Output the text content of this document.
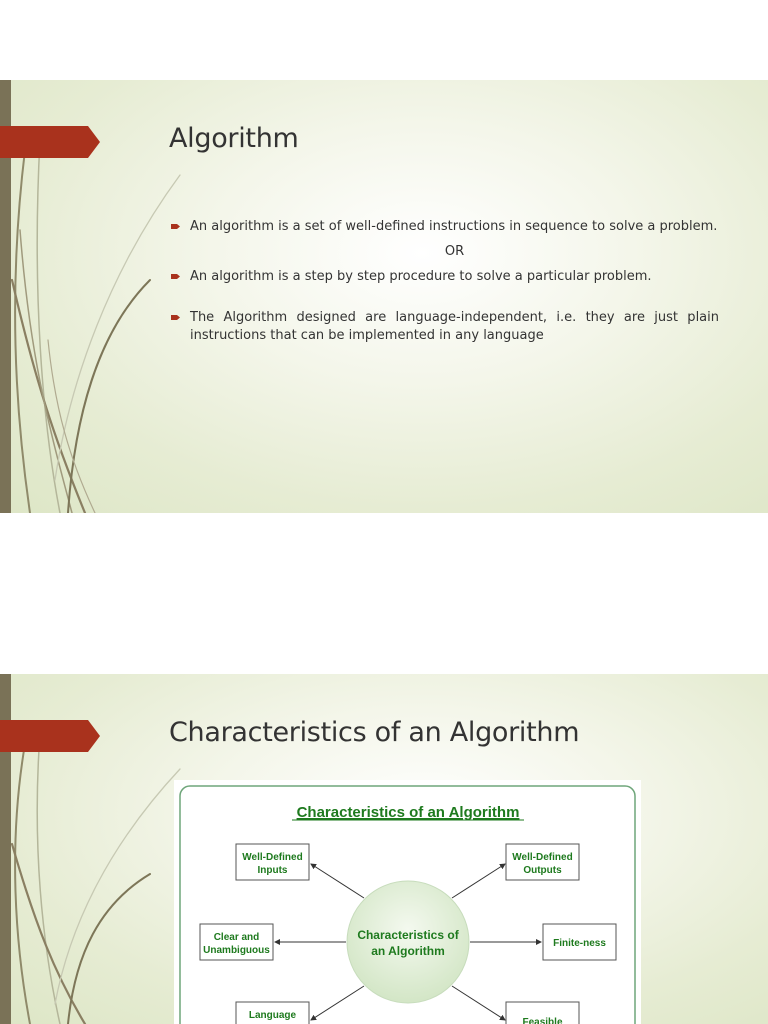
Algorithm
An algorithm is a set of well-defined instructions in sequence to solve a problem.
OR
An algorithm is a step by step procedure to solve a particular problem.
The Algorithm designed are language-independent, i.e. they are just plain instructions that can be implemented in any language
Characteristics of an Algorithm
Characteristics of an Algorithm
Characteristics of
an Algorithm
Well-Defined
Inputs
Well-Defined
Outputs
Clear and
Unambiguous
Finite-ness
Language
Feasible
